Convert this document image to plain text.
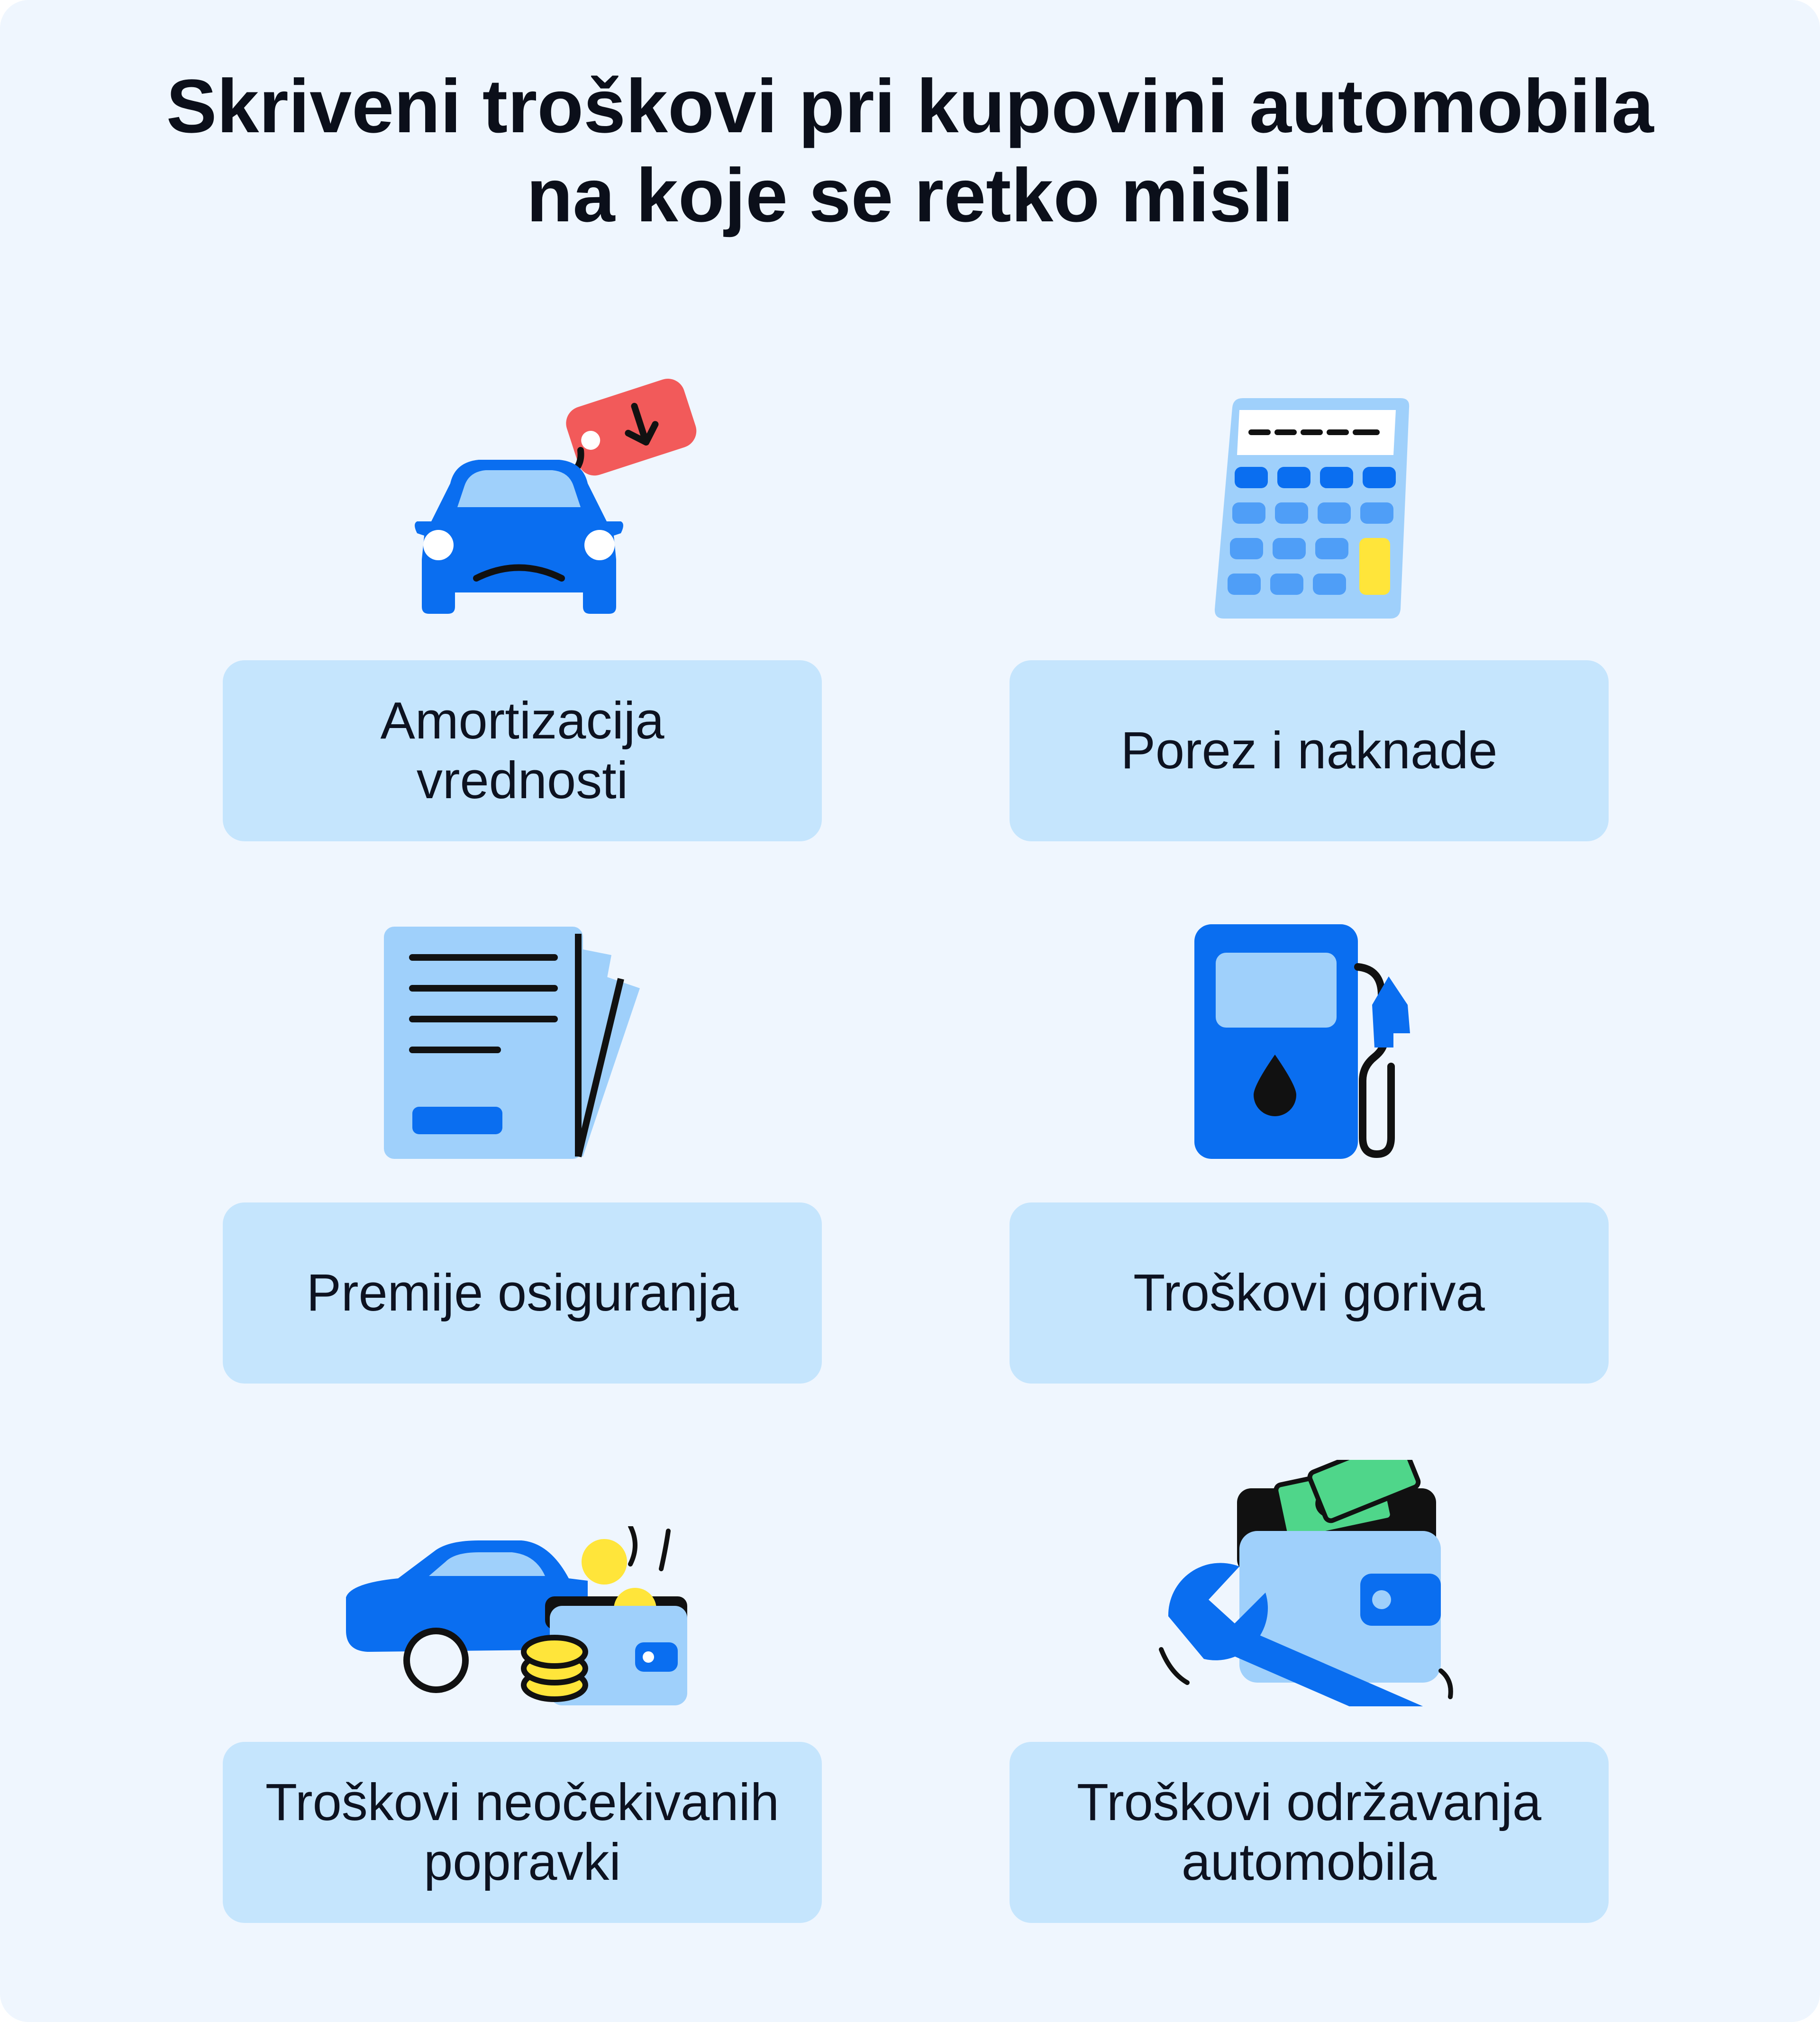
Skriveni troškovi pri kupovini automobila
na koje se retko misli
Amortizacija
vrednosti
Porez i naknade
Premije osiguranja	Troškovi goriva
Troškovi neočekivanih
popravki
Troškovi održavanja
automobila
